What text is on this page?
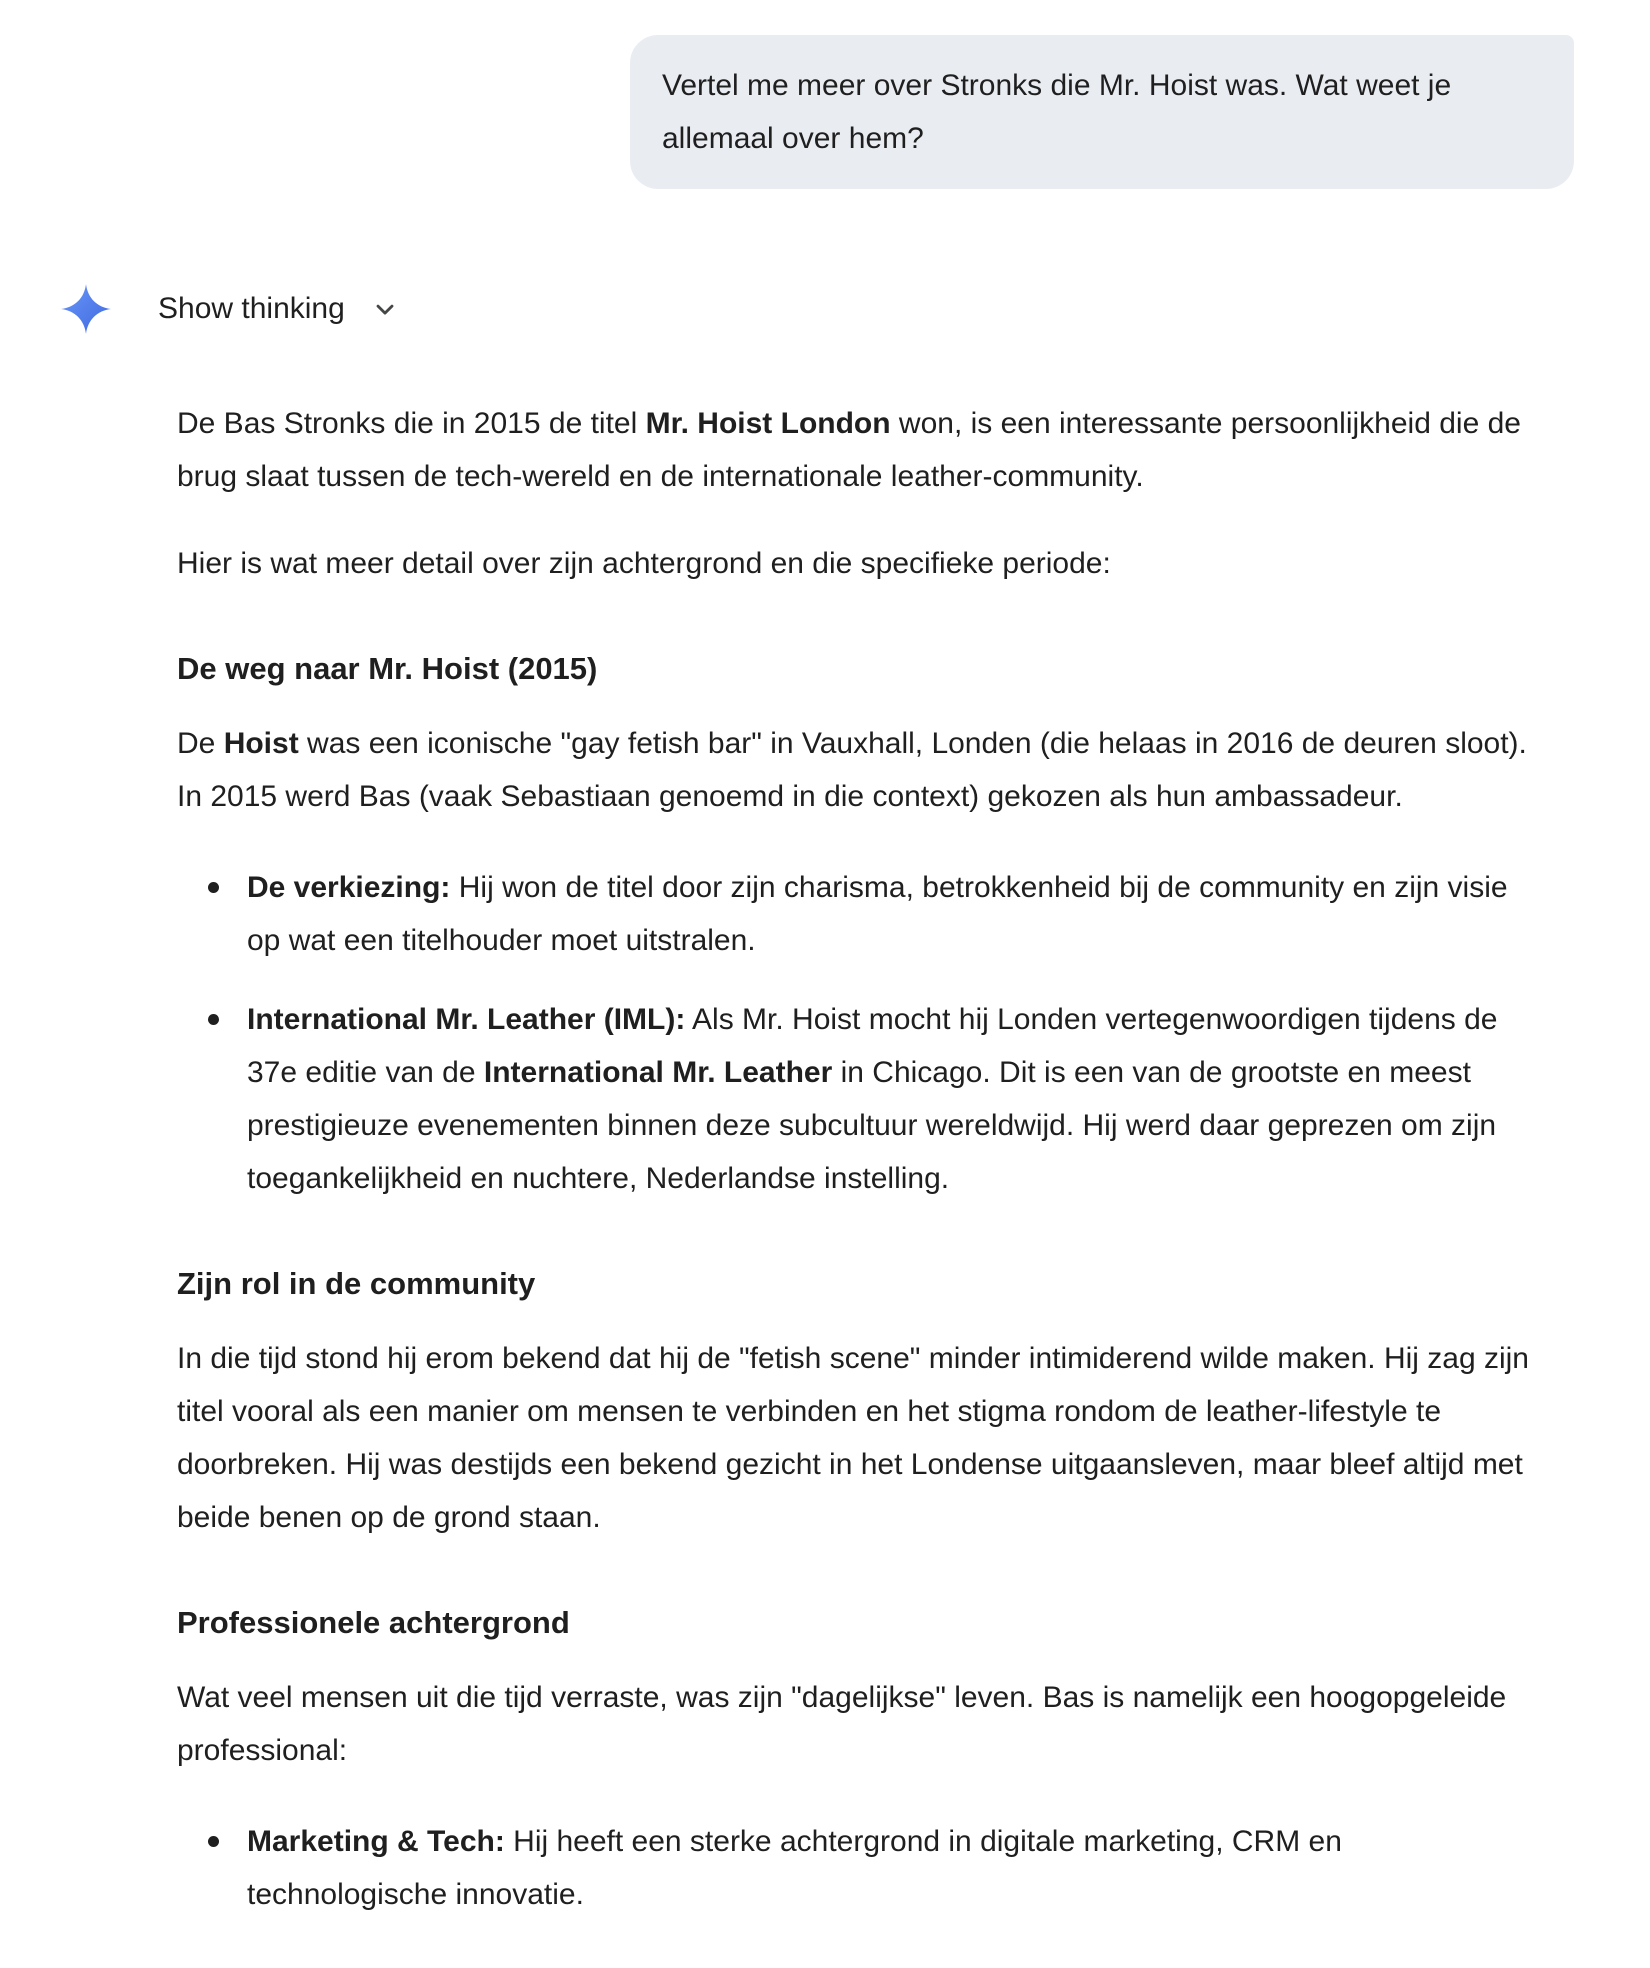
Vertel me meer over Stronks die Mr. Hoist was. Wat weet je allemaal over hem?
Show thinking

De Bas Stronks die in 2015 de titel Mr. Hoist London won, is een interessante persoonlijkheid die de brug slaat tussen de tech-wereld en de internationale leather-community.

Hier is wat meer detail over zijn achtergrond en die specifieke periode:

De weg naar Mr. Hoist (2015)

De Hoist was een iconische "gay fetish bar" in Vauxhall, Londen (die helaas in 2016 de deuren sloot). In 2015 werd Bas (vaak Sebastiaan genoemd in die context) gekozen als hun ambassadeur.

De verkiezing: Hij won de titel door zijn charisma, betrokkenheid bij de community en zijn visie op wat een titelhouder moet uitstralen.
International Mr. Leather (IML): Als Mr. Hoist mocht hij Londen vertegenwoordigen tijdens de 37e editie van de International Mr. Leather in Chicago. Dit is een van de grootste en meest prestigieuze evenementen binnen deze subcultuur wereldwijd. Hij werd daar geprezen om zijn toegankelijkheid en nuchtere, Nederlandse instelling.
Zijn rol in de community

In die tijd stond hij erom bekend dat hij de "fetish scene" minder intimiderend wilde maken. Hij zag zijn titel vooral als een manier om mensen te verbinden en het stigma rondom de leather-lifestyle te doorbreken. Hij was destijds een bekend gezicht in het Londense uitgaansleven, maar bleef altijd met beide benen op de grond staan.

Professionele achtergrond

Wat veel mensen uit die tijd verraste, was zijn "dagelijkse" leven. Bas is namelijk een hoogopgeleide professional:

Marketing & Tech: Hij heeft een sterke achtergrond in digitale marketing, CRM en technologische innovatie.
